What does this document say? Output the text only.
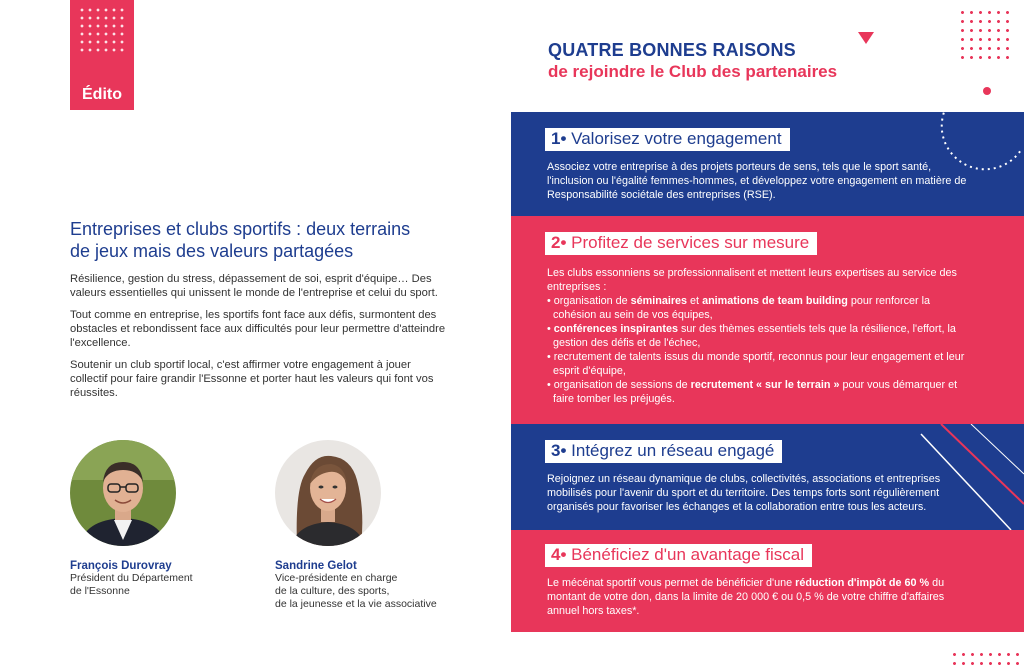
Édito
Entreprises et clubs sportifs : deux terrains
de jeux mais des valeurs partagées

Résilience, gestion du stress, dépassement de soi, esprit d'équipe… Des valeurs essentielles qui unissent le monde de l'entreprise et celui du sport.

Tout comme en entreprise, les sportifs font face aux défis, surmontent des obstacles et rebondissent face aux difficultés pour leur permettre d'atteindre l'excellence.

Soutenir un club sportif local, c'est affirmer votre engagement à jouer collectif pour faire grandir l'Essonne et porter haut les valeurs qui font vos réussites.

François Durovray
Président du Département
de l'Essonne
Sandrine Gelot
Vice-présidente en charge
de la culture, des sports,
de la jeunesse et la vie associative
QUATRE BONNES RAISONS
de rejoindre le Club des partenaires
1• Valorisez votre engagement
Associez votre entreprise à des projets porteurs de sens, tels que le sport santé, l'inclusion ou l'égalité femmes-hommes, et développez votre engagement en matière de Responsabilité sociétale des entreprises (RSE).
2• Profitez de services sur mesure
Les clubs essonniens se professionnalisent et mettent leurs expertises au service des entreprises :
• organisation de séminaires et animations de team building pour renforcer la cohésion au sein de vos équipes,
• conférences inspirantes sur des thèmes essentiels tels que la résilience, l'effort, la gestion des défis et de l'échec,
• recrutement de talents issus du monde sportif, reconnus pour leur engagement et leur esprit d'équipe,
• organisation de sessions de recrutement « sur le terrain » pour vous démarquer et faire tomber les préjugés.
3• Intégrez un réseau engagé
Rejoignez un réseau dynamique de clubs, collectivités, associations et entreprises mobilisés pour l'avenir du sport et du territoire. Des temps forts sont régulièrement organisés pour favoriser les échanges et la collaboration entre tous les acteurs.
4• Bénéficiez d'un avantage fiscal
Le mécénat sportif vous permet de bénéficier d'une réduction d'impôt de 60 % du montant de votre don, dans la limite de 20 000 € ou 0,5 % de votre chiffre d'affaires annuel hors taxes*.
